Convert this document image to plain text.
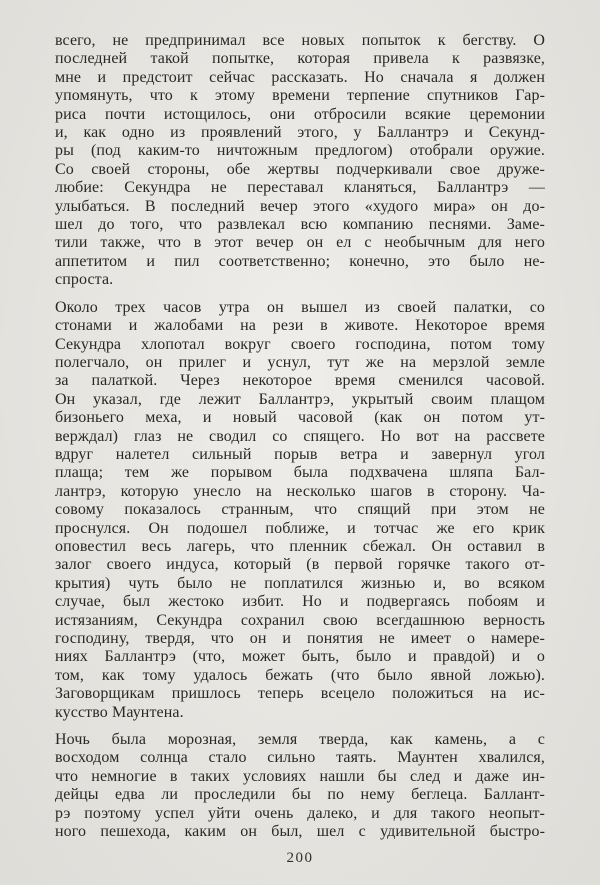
всего, не предпринимал все новых попыток к бегству. О
последней такой попытке, которая привела к развязке,
мне и предстоит сейчас рассказать. Но сначала я должен
упомянуть, что к этому времени терпение спутников Гар-
риса почти истощилось, они отбросили всякие церемонии
и, как одно из проявлений этого, у Баллантрэ и Секунд-
ры (под каким-то ничтожным предлогом) отобрали оружие.
Со своей стороны, обе жертвы подчеркивали свое друже-
любие: Секундра не переставал кланяться, Баллантрэ —
улыбаться. В последний вечер этого «худого мира» он до-
шел до того, что развлекал всю компанию песнями. Заме-
тили также, что в этот вечер он ел с необычным для него
аппетитом и пил соответственно; конечно, это было не-
спроста.

Около трех часов утра он вышел из своей палатки, со
стонами и жалобами на рези в животе. Некоторое время
Секундра хлопотал вокруг своего господина, потом тому
полегчало, он прилег и уснул, тут же на мерзлой земле
за палаткой. Через некоторое время сменился часовой.
Он указал, где лежит Баллантрэ, укрытый своим плащом
бизоньего меха, и новый часовой (как он потом ут-
верждал) глаз не сводил со спящего. Но вот на рассвете
вдруг налетел сильный порыв ветра и завернул угол
плаща; тем же порывом была подхвачена шляпа Бал-
лантрэ, которую унесло на несколько шагов в сторону. Ча-
совому показалось странным, что спящий при этом не
проснулся. Он подошел поближе, и тотчас же его крик
оповестил весь лагерь, что пленник сбежал. Он оставил в
залог своего индуса, который (в первой горячке такого от-
крытия) чуть было не поплатился жизнью и, во всяком
случае, был жестоко избит. Но и подвергаясь побоям и
истязаниям, Секундра сохранил свою всегдашнюю верность
господину, твердя, что он и понятия не имеет о намере-
ниях Баллантрэ (что, может быть, было и правдой) и о
том, как тому удалось бежать (что было явной ложью).
Заговорщикам пришлось теперь всецело положиться на ис-
кусство Маунтена.

Ночь была морозная, земля тверда, как камень, а с
восходом солнца стало сильно таять. Маунтен хвалился,
что немногие в таких условиях нашли бы след и даже ин-
дейцы едва ли проследили бы по нему беглеца. Баллант-
рэ поэтому успел уйти очень далеко, и для такого неопыт-
ного пешехода, каким он был, шел с удивительной быстро-

200
